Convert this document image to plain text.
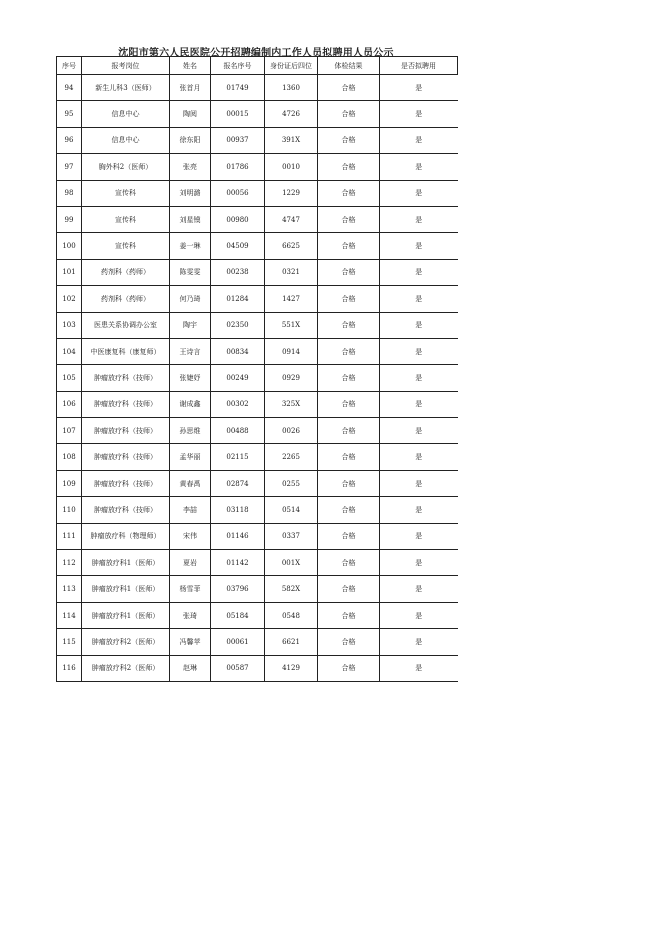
沈阳市第六人民医院公开招聘编制内工作人员拟聘用人员公示
序号	报考岗位	姓名	报名序号	身份证后四位	体检结果	是否拟聘用
94	新生儿科3（医师）	张首月	01749	1360	合格	是
95	信息中心	陶阅	00015	4726	合格	是
96	信息中心	徐东阳	00937	391X	合格	是
97	胸外科2（医师）	张亮	01786	0010	合格	是
98	宣传科	刘明潞	00056	1229	合格	是
99	宣传科	刘星镆	00980	4747	合格	是
100	宣传科	姜一琳	04509	6625	合格	是
101	药剂科（药师）	陈雯雯	00238	0321	合格	是
102	药剂科（药师）	何乃琦	01284	1427	合格	是
103	医患关系协调办公室	陶宇	02350	551X	合格	是
104	中医康复科（康复师）	王诗言	00834	0914	合格	是
105	肿瘤放疗科（技师）	张婕妤	00249	0929	合格	是
106	肿瘤放疗科（技师）	谢成鑫	00302	325X	合格	是
107	肿瘤放疗科（技师）	孙思维	00488	0026	合格	是
108	肿瘤放疗科（技师）	孟华丽	02115	2265	合格	是
109	肿瘤放疗科（技师）	黄春禹	02874	0255	合格	是
110	肿瘤放疗科（技师）	李喆	03118	0514	合格	是
111	肿瘤放疗科（物理师）	宋伟	01146	0337	合格	是
112	肿瘤放疗科1（医师）	夏岩	01142	001X	合格	是
113	肿瘤放疗科1（医师）	杨雪菲	03796	582X	合格	是
114	肿瘤放疗科1（医师）	张琦	05184	0548	合格	是
115	肿瘤放疗科2（医师）	冯馨苹	00061	6621	合格	是
116	肿瘤放疗科2（医师）	赵琳	00587	4129	合格	是
